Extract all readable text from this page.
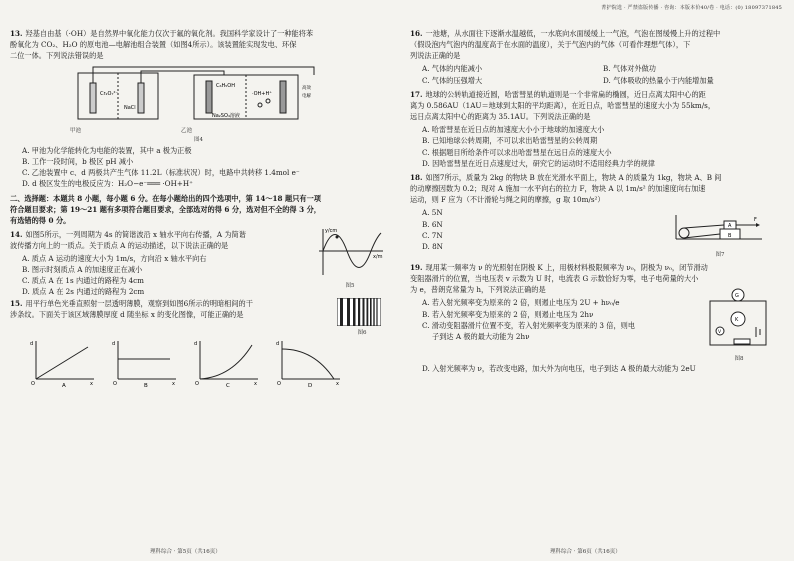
菁护院选 · 严禁盗版传播 · 咨询：本版本价40/卷 · 电话：(0) 18097371845
13. 羟基自由基（·OH）是自然界中氧化能力仅次于氟的氧化剂。我国科学家设计了一种能将苯
酚氧化为 CO₂、H₂O 的原电池—电解池组合装置（如图4所示）。该装置能实现发电、环保
二位一体。下列说法错误的是
Cr₂O₇²⁻
NaCl
C₆H₅OH
·OH+H⁺
Na₂SO₄溶液
高效
电解
甲池	乙池
图4
A. 甲池为化学能转化为电能的装置，其中 a 极为正极
B. 工作一段时间，b 极区 pH 减小
C. 乙池装置中 c、d 两极共产生气体 11.2L（标准状况）时，电路中共转移 1.4mol e⁻
D. d 极区发生的电极反应为：H₂O−e⁻═══ ·OH+H⁺
二、选择题：本题共 8 小题，每小题 6 分。在每小题给出的四个选项中，第 14～18 题只有一项
符合题目要求；第 19～21 题有多项符合题目要求，全部选对的得 6 分，选对但不全的得 3 分，
有选错的得 0 分。
14. 如图5所示，一列周期为 4s 的简谐波沿 x 轴水平向右传播，A 为简谐
波传播方向上的一质点。关于质点 A 的运动描述，以下说法正确的是
A. 质点 A 运动的速度大小为 1m/s，方向沿 x 轴水平向右
B. 图示时刻质点 A 的加速度正在减小
C. 质点 A 在 1s 内通过的路程为 4cm
D. 质点 A 在 2s 内通过的路程为 2cm
y/cm
x/m
图5
15. 用平行单色光垂直照射一层透明薄膜，观察到如图6所示的明暗相间的干
涉条纹。下面关于该区域薄膜厚度 d 随坐标 x 的变化图像，可能正确的是
图6
d
x
O	A
d
x
O	B
d
x
O	C
d
x
O	D
理科综合 · 第5页（共16页）
16. 一池塘，从水面往下逐渐水温越低，一水底向水面缓缓上一气泡，气泡在图缓慢上升的过程中
（假设泡内气泡内的温度高于在水面的温度），关于气泡内的气体（可看作理想气体），下
列说法正确的是
A. 气体的内能减小	B. 气体对外做功
C. 气体的压强增大	D. 气体吸收的热量小于内能增加量
17. 地球的公转轨道接近圆，哈雷彗星的轨道则是一个非常扁的椭圆，近日点离太阳中心的距
离为 0.586AU（1AU＝地球到太阳的平均距离），在近日点，哈雷彗星的速度大小为 55km/s，
远日点离太阳中心的距离为 35.1AU。下列说法正确的是
A. 哈雷彗星在近日点的加速度大小小于地球的加速度大小
B. 已知地球公转周期，不可以求出哈雷彗星的公转周期
C. 根据题目所给条件可以求出哈雷彗星在远日点的速度大小
D. 因哈雷彗星在近日点速度过大，研究它的运动时不适用经典力学的规律
18. 如图7所示，质量为 2kg 的物块 B 放在光滑水平面上，物块 A 的质量为 1kg，物块 A、B 间
的动摩擦因数为 0.2；现对 A 施加一水平向右的拉力 F，物块 A 以 1m/s² 的加速度向右加速
运动，则 F 应为（不计滑轮与绳之间的摩擦，g 取 10m/s²）
A. 5N
B. 6N
C. 7N
D. 8N
A
B
F
图7
19. 现用某一频率为 ν 的光照射在阴极 K 上，用极材料极限频率为 ν₀，阴极为 ν₀，闭节滑动
变阻器滑片的位置，当电压表 v 示数为 U 时，电流表 G 示数恰好为零，电子电荷量的大小
为 e，普朗克常量为 h，下列说法正确的是
A. 若入射光频率变为原来的 2 倍，则遏止电压为 2U + hν₀/e
B. 若入射光频率变为原来的 2 倍，则遏止电压为 2hν
C. 滑动变阻器滑片位置不变，若入射光频率变为原来的 3 倍，则电
子到达 A 极的最大动能为 2hν
G
K
V
图8
D. 入射光频率为 ν，若改变电路，加大外为向电压，电子到达 A 极的最大动能为 2eU
理科综合 · 第6页（共16页）
